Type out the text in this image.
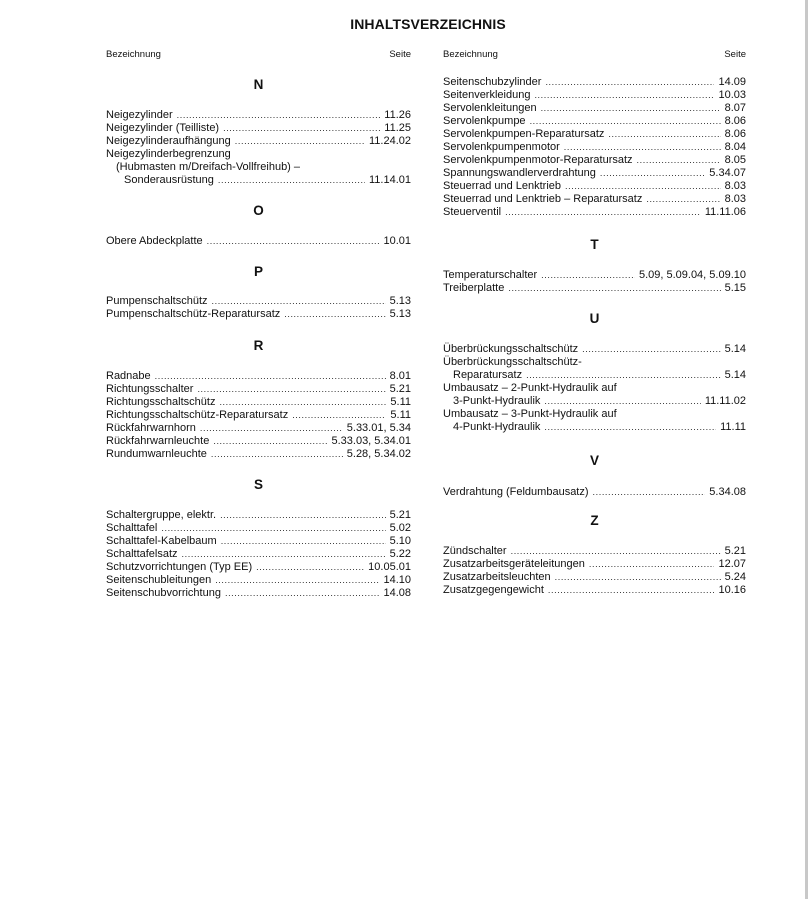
INHALTSVERZEICHNIS
Bezeichnung	Seite
N
Neigezylinder .....	11.26
Neigezylinder (Teilliste) .....	11.25
Neigezylinderaufhängung .....	11.24.02
Neigezylinderbegrenzung
(Hubmasten m/Dreifach-Vollfreihub) –
Sonderausrüstung .....	11.14.01
O
Obere Abdeckplatte .....	10.01
P
Pumpenschaltschütz .....	5.13
Pumpenschaltschütz-Reparatursatz .....	5.13
R
Radnabe .....	8.01
Richtungsschalter .....	5.21
Richtungsschaltschütz .....	5.11
Richtungsschaltschütz-Reparatursatz .....	5.11
Rückfahrwarnhorn .....	5.33.01, 5.34
Rückfahrwarnleuchte .....	5.33.03, 5.34.01
Rundumwarnleuchte .....	5.28, 5.34.02
S
Schaltergruppe, elektr. .....	5.21
Schalttafel .....	5.02
Schalttafel-Kabelbaum .....	5.10
Schalttafelsatz .....	5.22
Schutzvorrichtungen (Typ EE) .....	10.05.01
Seitenschubleitungen .....	14.10
Seitenschubvorrichtung .....	14.08
Bezeichnung	Seite
Seitenschubzylinder .....	14.09
Seitenverkleidung .....	10.03
Servolenkleitungen .....	8.07
Servolenkpumpe .....	8.06
Servolenkpumpen-Reparatursatz .....	8.06
Servolenkpumpenmotor .....	8.04
Servolenkpumpenmotor-Reparatursatz .....	8.05
Spannungswandlerverdrahtung .....	5.34.07
Steuerrad und Lenktrieb .....	8.03
Steuerrad und Lenktrieb – Reparatursatz .....	8.03
Steuerventil .....	11.11.06
T
Temperaturschalter .....	5.09, 5.09.04, 5.09.10
Treiberplatte .....	5.15
U
Überbrückungsschaltschütz .....	5.14
Überbrückungsschaltschütz-
Reparatursatz .....	5.14
Umbausatz – 2-Punkt-Hydraulik auf
3-Punkt-Hydraulik .....	11.11.02
Umbausatz – 3-Punkt-Hydraulik auf
4-Punkt-Hydraulik .....	11.11
V
Verdrahtung (Feldumbausatz) .....	5.34.08
Z
Zündschalter .....	5.21
Zusatzarbeitsgeräteleitungen .....	12.07
Zusatzarbeitsleuchten .....	5.24
Zusatzgegengewicht .....	10.16
